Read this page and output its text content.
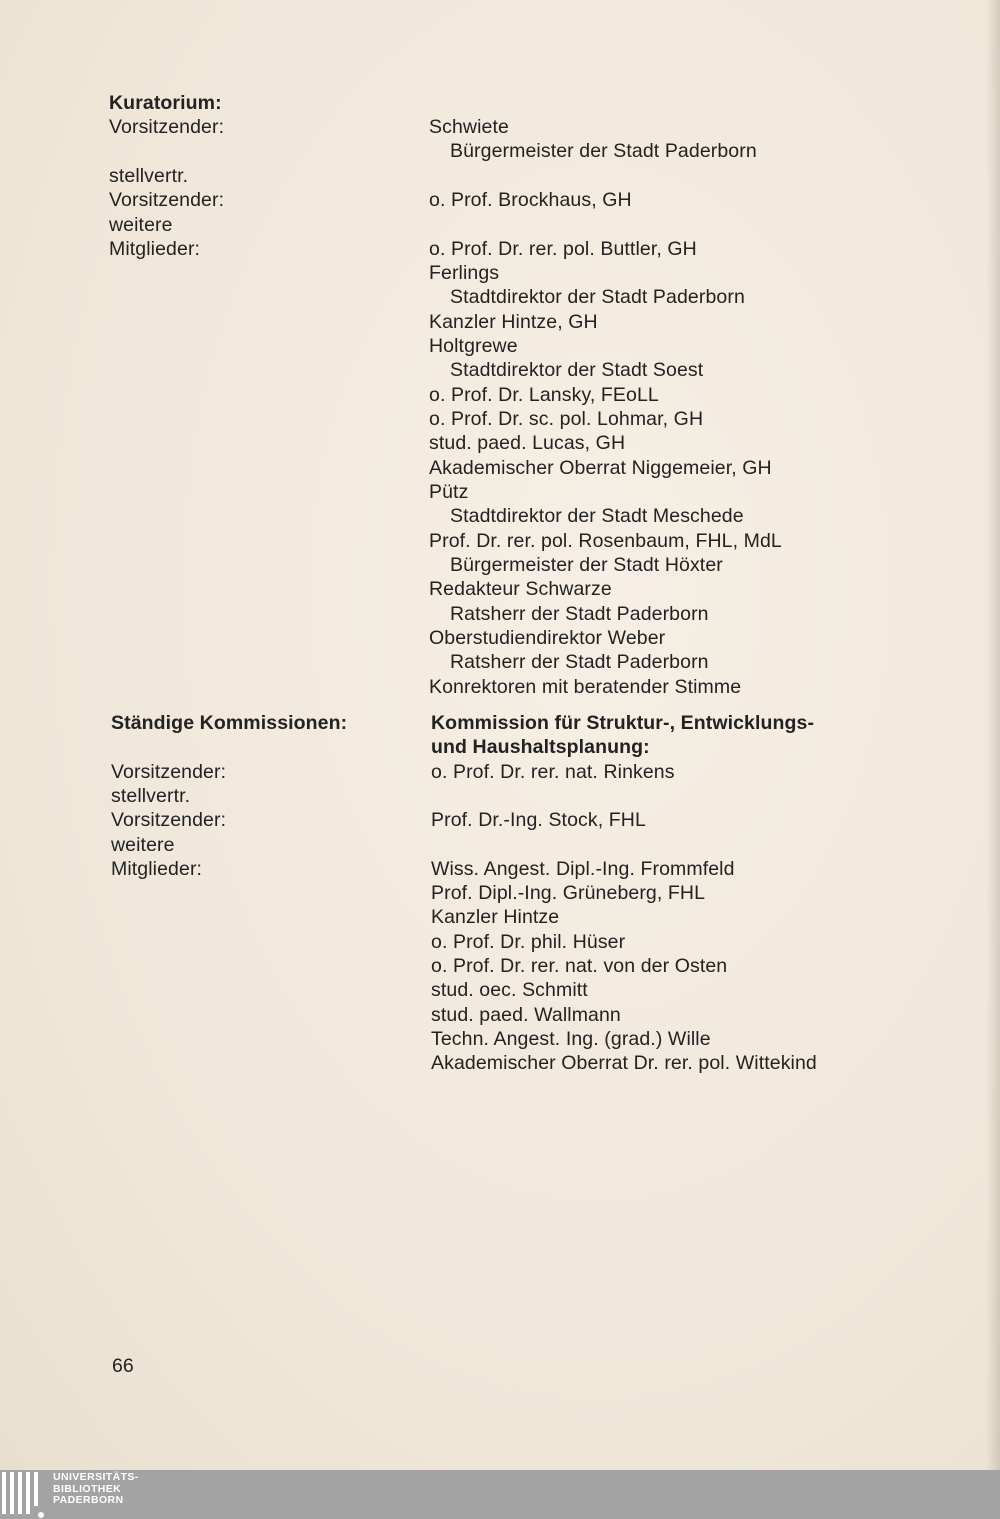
Kuratorium:
Vorsitzender:
stellvertr.
Vorsitzender:
weitere
Mitglieder:
Schwiete
Bürgermeister der Stadt Paderborn
o. Prof. Brockhaus, GH
o. Prof. Dr. rer. pol. Buttler, GH
Ferlings
Stadtdirektor der Stadt Paderborn
Kanzler Hintze, GH
Holtgrewe
Stadtdirektor der Stadt Soest
o. Prof. Dr. Lansky, FEoLL
o. Prof. Dr. sc. pol. Lohmar, GH
stud. paed. Lucas, GH
Akademischer Oberrat Niggemeier, GH
Pütz
Stadtdirektor der Stadt Meschede
Prof. Dr. rer. pol. Rosenbaum, FHL, MdL
Bürgermeister der Stadt Höxter
Redakteur Schwarze
Ratsherr der Stadt Paderborn
Oberstudiendirektor Weber
Ratsherr der Stadt Paderborn
Konrektoren mit beratender Stimme
Ständige Kommissionen:	Kommission für Struktur-, Entwicklungs-
und Haushaltsplanung:
Vorsitzender:
stellvertr.
Vorsitzender:
weitere
Mitglieder:
o. Prof. Dr. rer. nat. Rinkens
Prof. Dr.-Ing. Stock, FHL
Wiss. Angest. Dipl.-Ing. Frommfeld
Prof. Dipl.-Ing. Grüneberg, FHL
Kanzler Hintze
o. Prof. Dr. phil. Hüser
o. Prof. Dr. rer. nat. von der Osten
stud. oec. Schmitt
stud. paed. Wallmann
Techn. Angest. Ing. (grad.) Wille
Akademischer Oberrat Dr. rer. pol. Wittekind
66
UNIVERSITÄTS-
BIBLIOTHEK
PADERBORN
